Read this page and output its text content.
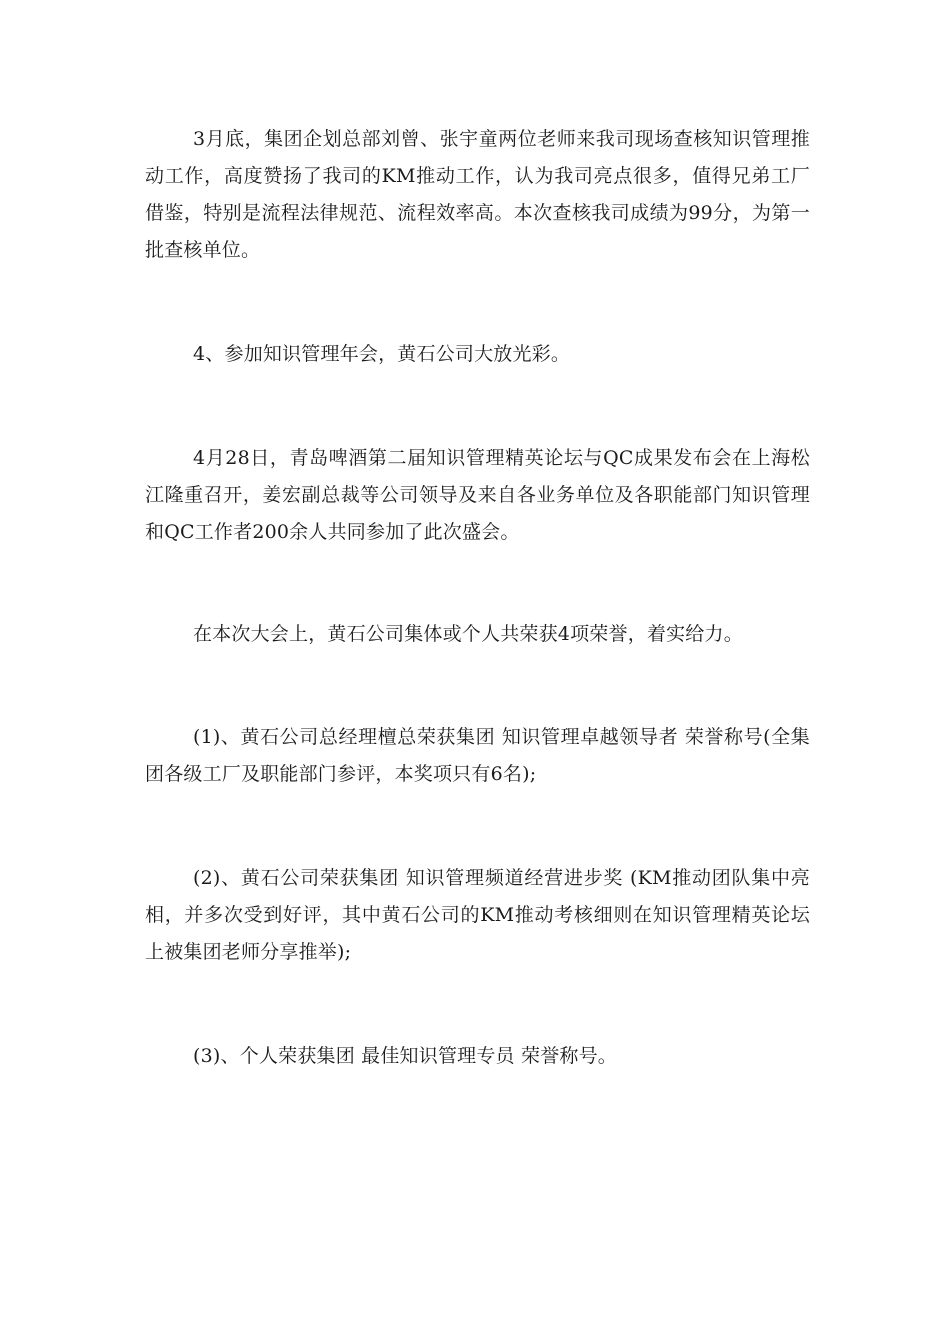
3月底，集团企划总部刘曾、张宇童两位老师来我司现场查核知识管理推动工作，高度赞扬了我司的KM推动工作，认为我司亮点很多，值得兄弟工厂借鉴，特别是流程法律规范、流程效率高。本次查核我司成绩为99分，为第一批查核单位。

4、参加知识管理年会，黄石公司大放光彩。

4月28日，青岛啤酒第二届知识管理精英论坛与QC成果发布会在上海松江隆重召开，姜宏副总裁等公司领导及来自各业务单位及各职能部门知识管理和QC工作者200余人共同参加了此次盛会。

在本次大会上，黄石公司集体或个人共荣获4项荣誉，着实给力。

(1)、黄石公司总经理檀总荣获集团 知识管理卓越领导者 荣誉称号(全集团各级工厂及职能部门参评，本奖项只有6名);

(2)、黄石公司荣获集团 知识管理频道经营进步奖 (KM推动团队集中亮相，并多次受到好评，其中黄石公司的KM推动考核细则在知识管理精英论坛上被集团老师分享推举);

(3)、个人荣获集团 最佳知识管理专员 荣誉称号。
